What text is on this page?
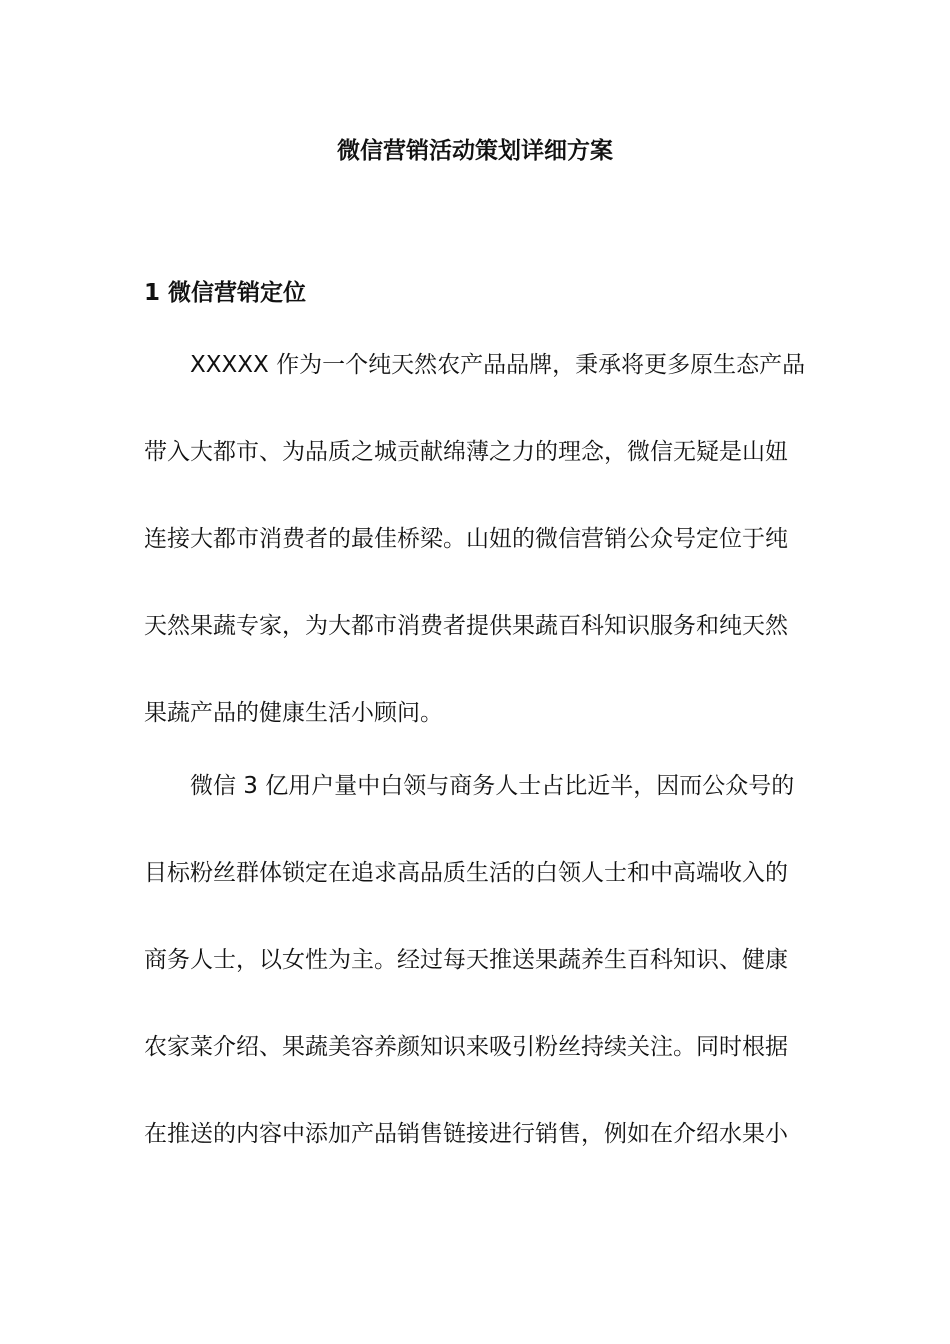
微信营销活动策划详细方案
1 微信营销定位

XXXXX 作为一个纯天然农产品品牌，秉承将更多原生态产品

带入大都市、为品质之城贡献绵薄之力的理念，微信无疑是山妞

连接大都市消费者的最佳桥梁。山妞的微信营销公众号定位于纯

天然果蔬专家，为大都市消费者提供果蔬百科知识服务和纯天然

果蔬产品的健康生活小顾问。

微信 3 亿用户量中白领与商务人士占比近半，因而公众号的

目标粉丝群体锁定在追求高品质生活的白领人士和中高端收入的

商务人士，以女性为主。经过每天推送果蔬养生百科知识、健康

农家菜介绍、果蔬美容养颜知识来吸引粉丝持续关注。同时根据

在推送的内容中添加产品销售链接进行销售，例如在介绍水果小
